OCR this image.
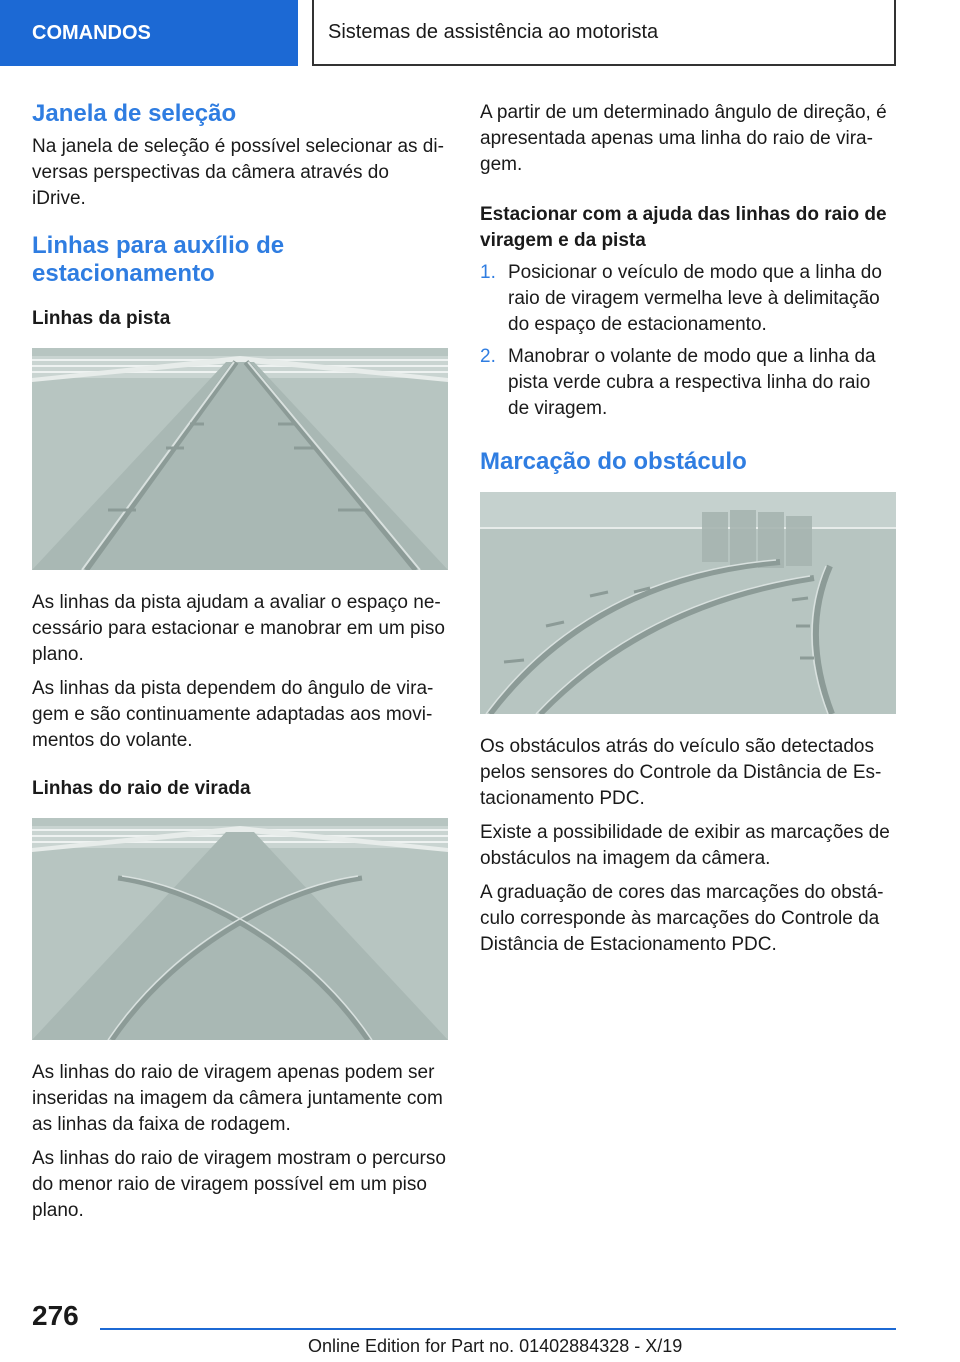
COMANDOS	Sistemas de assistência ao motorista
Janela de seleção

Na janela de seleção é possível selecionar as di-versas perspectivas da câmera através do iDrive.

Linhas para auxílio de estacionamento
Linhas da pista

As linhas da pista ajudam a avaliar o espaço ne-cessário para estacionar e manobrar em um piso plano.

As linhas da pista dependem do ângulo de vira-gem e são continuamente adaptadas aos movi-mentos do volante.

Linhas do raio de virada

As linhas do raio de viragem apenas podem ser inseridas na imagem da câmera juntamente com as linhas da faixa de rodagem.

As linhas do raio de viragem mostram o percurso do menor raio de viragem possível em um piso plano.

A partir de um determinado ângulo de direção, é apresentada apenas uma linha do raio de vira-gem.

Estacionar com a ajuda das linhas do raio de viragem e da pista
1. Posicionar o veículo de modo que a linha do raio de viragem vermelha leve à delimitação do espaço de estacionamento.
2. Manobrar o volante de modo que a linha da pista verde cubra a respectiva linha do raio de viragem.
Marcação do obstáculo

Os obstáculos atrás do veículo são detectados pelos sensores do Controle da Distância de Es-tacionamento PDC.

Existe a possibilidade de exibir as marcações de obstáculos na imagem da câmera.

A graduação de cores das marcações do obstá-culo corresponde às marcações do Controle da Distância de Estacionamento PDC.

276
Online Edition for Part no. 01402884328 - X/19
